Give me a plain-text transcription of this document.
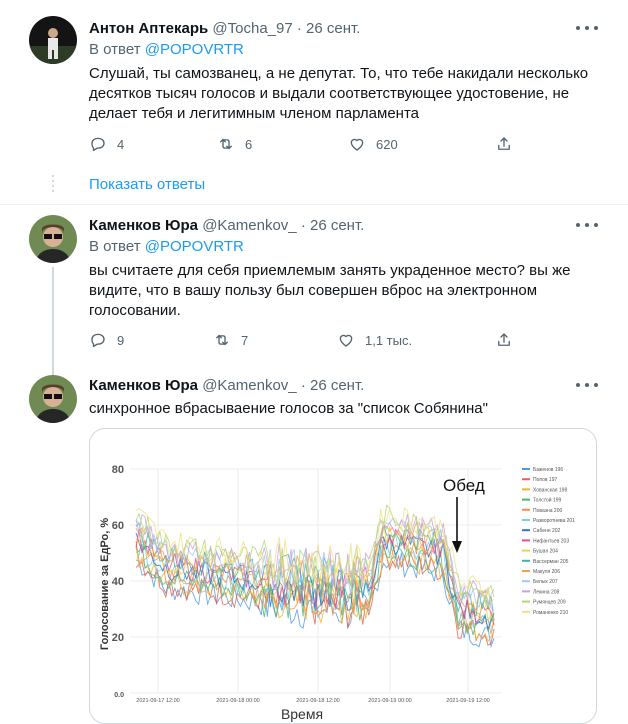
Антон Аптекарь @Tocha_97 · 26 сент.
В ответ @POPOVRTR
Слушай, ты самозванец, а не депутат. То, что тебе накидали несколько десятков тысяч голосов и выдали соответствующее удостовение, не делает тебя и легитимным членом парламента
4	6	620
Показать ответы
Каменков Юра @Kamenkov_ · 26 сент.
В ответ @POPOVRTR
вы считаете для себя приемлемым занять украденное место? вы же видите, что в вашу пользу был совершен вброс на электронном голосовании.
9	7	1,1 тыс.
Каменков Юра @Kamenkov_ · 26 сент.
синхронное вбрасываение голосов за "список Собянина"
80
60
40
20
0.0
2021-09-17 12:00	2021-09-18 00:00	2021-09-18 12:00	2021-09-19 00:00	2021-09-19 12:00
Голосование за ЕдРо, %
Время
Обед
Баженов 196
Попов 197
Хованская 198
Толстой 199
Повазна 200
Разворотнева 201
Сабенн 202
Нифантьев 203
Бушан 204
Вассерман 205
Макуля 206
Белых 207
Лекина 208
Румянцев 209
Романенко 210
